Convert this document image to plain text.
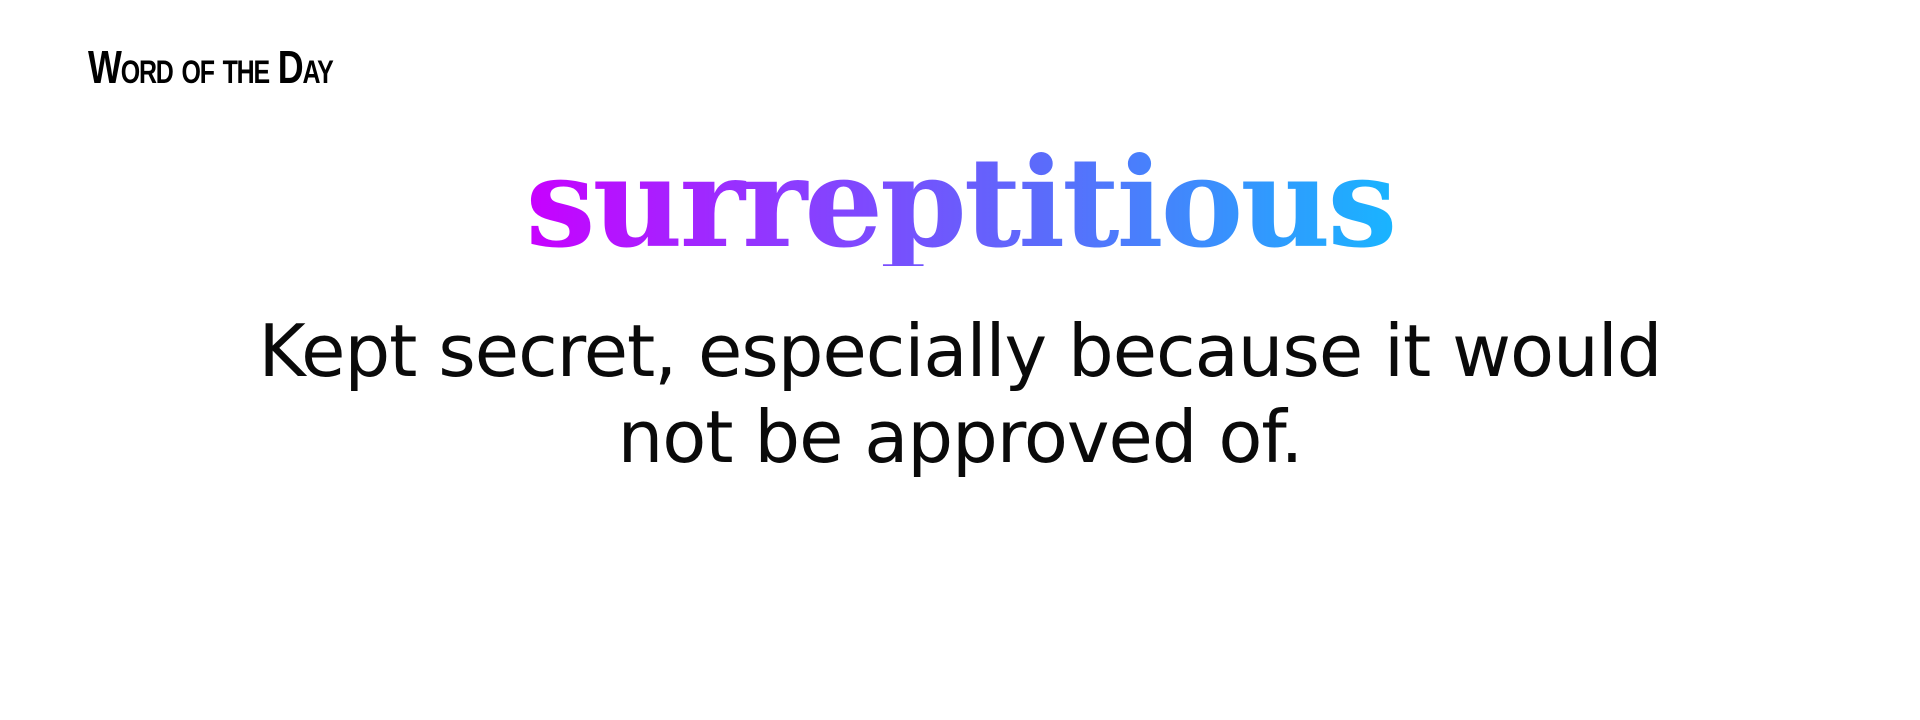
Word of the Day
surreptitious
Kept secret, especially because it would
not be approved of.
